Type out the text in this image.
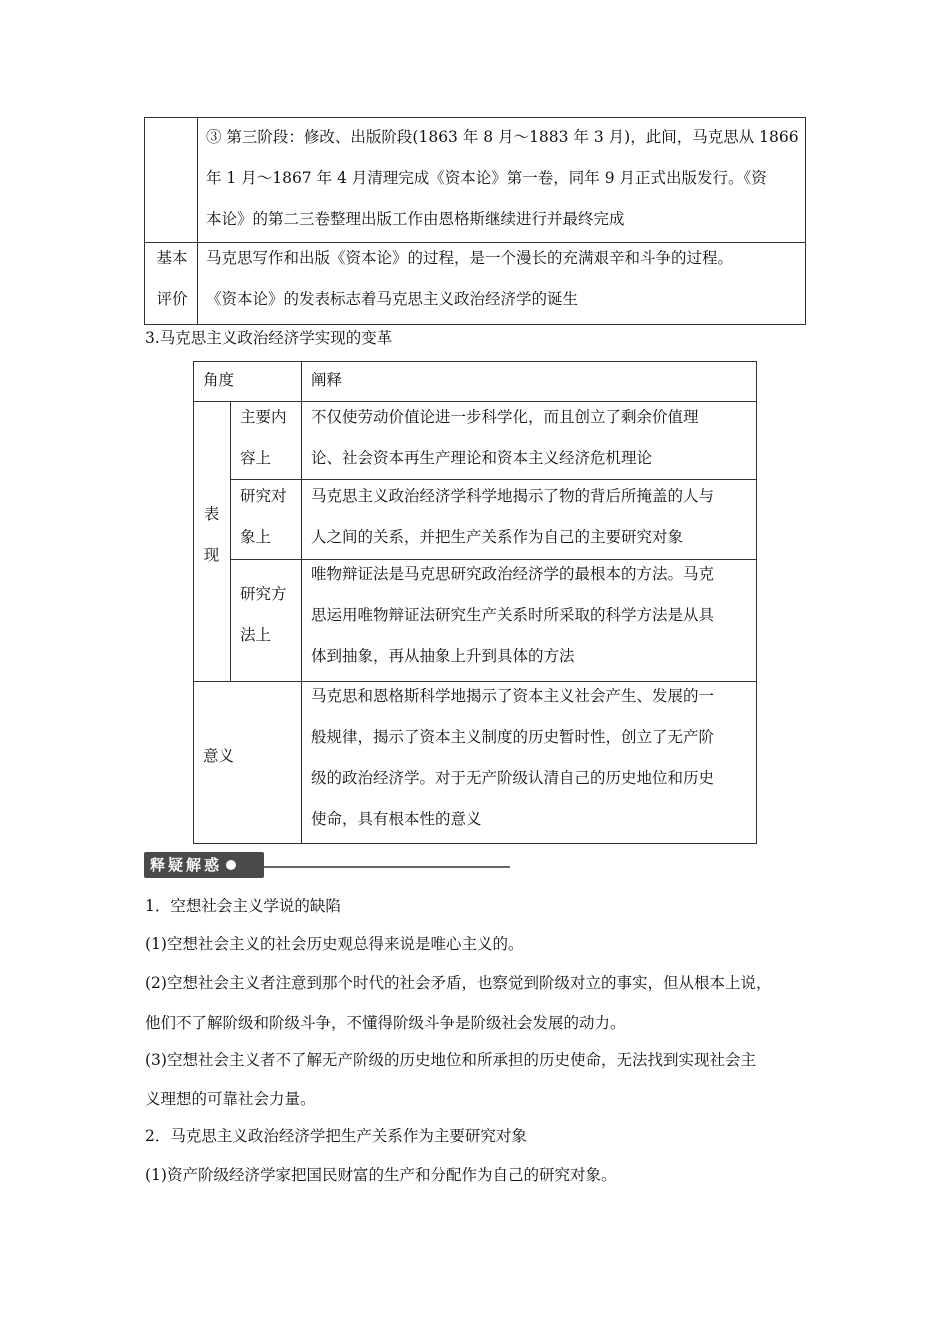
③ 第三阶段：修改、出版阶段(1863 年 8 月～1883 年 3 月)，此间，马克思从 1866
年 1 月～1867 年 4 月清理完成《资本论》第一卷，同年 9 月正式出版发行。《资
本论》的第二三卷整理出版工作由恩格斯继续进行并最终完成
基本
评价
马克思写作和出版《资本论》的过程，是一个漫长的充满艰辛和斗争的过程。
《资本论》的发表标志着马克思主义政治经济学的诞生
3.马克思主义政治经济学实现的变革
角度	阐释
表
现
主要内
容上
不仅使劳动价值论进一步科学化，而且创立了剩余价值理
论、社会资本再生产理论和资本主义经济危机理论
研究对
象上
马克思主义政治经济学科学地揭示了物的背后所掩盖的人与
人之间的关系，并把生产关系作为自己的主要研究对象
研究方
法上
唯物辩证法是马克思研究政治经济学的最根本的方法。马克
思运用唯物辩证法研究生产关系时所采取的科学方法是从具
体到抽象，再从抽象上升到具体的方法
意义
马克思和恩格斯科学地揭示了资本主义社会产生、发展的一
般规律，揭示了资本主义制度的历史暂时性，创立了无产阶
级的政治经济学。对于无产阶级认清自己的历史地位和历史
使命，具有根本性的意义
释疑解惑
1．空想社会主义学说的缺陷
(1)空想社会主义的社会历史观总得来说是唯心主义的。
(2)空想社会主义者注意到那个时代的社会矛盾，也察觉到阶级对立的事实，但从根本上说，
他们不了解阶级和阶级斗争，不懂得阶级斗争是阶级社会发展的动力。
(3)空想社会主义者不了解无产阶级的历史地位和所承担的历史使命，无法找到实现社会主
义理想的可靠社会力量。
2．马克思主义政治经济学把生产关系作为主要研究对象
(1)资产阶级经济学家把国民财富的生产和分配作为自己的研究对象。
